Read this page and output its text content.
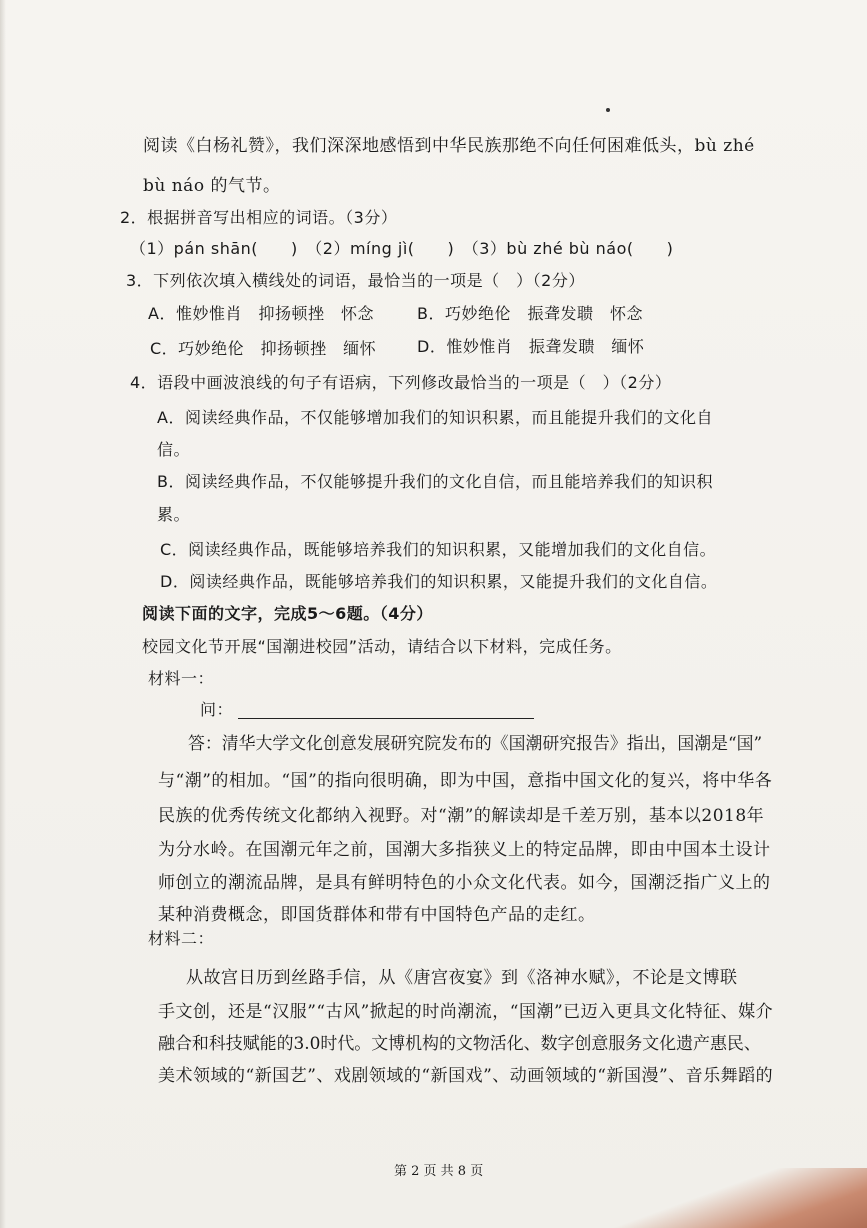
阅读《白杨礼赞》，我们深深地感悟到中华民族那绝不向任何困难低头，bù zhé
bù náo 的气节。
2．根据拼音写出相应的词语。（3分）
（1）pán shān(　　)　（2）míng jì(　　)　（3）bù zhé bù náo(　　)
3．下列依次填入横线处的词语，最恰当的一项是（　）（2分）
A．惟妙惟肖　抑扬顿挫　怀念	B．巧妙绝伦　振聋发聩　怀念
C．巧妙绝伦　抑扬顿挫　缅怀	D．惟妙惟肖　振聋发聩　缅怀
4．语段中画波浪线的句子有语病，下列修改最恰当的一项是（　）（2分）
A．阅读经典作品，不仅能够增加我们的知识积累，而且能提升我们的文化自
信。
B．阅读经典作品，不仅能够提升我们的文化自信，而且能培养我们的知识积
累。
C．阅读经典作品，既能够培养我们的知识积累，又能增加我们的文化自信。
D．阅读经典作品，既能够培养我们的知识积累，又能提升我们的文化自信。
阅读下面的文字，完成5～6题。（4分）
校园文化节开展“国潮进校园”活动，请结合以下材料，完成任务。
材料一：
问：
答：清华大学文化创意发展研究院发布的《国潮研究报告》指出，国潮是“国”
与“潮”的相加。“国”的指向很明确，即为中国，意指中国文化的复兴，将中华各
民族的优秀传统文化都纳入视野。对“潮”的解读却是千差万别，基本以2018年
为分水岭。在国潮元年之前，国潮大多指狭义上的特定品牌，即由中国本土设计
师创立的潮流品牌，是具有鲜明特色的小众文化代表。如今，国潮泛指广义上的
某种消费概念，即国货群体和带有中国特色产品的走红。
材料二：
从故宫日历到丝路手信，从《唐宫夜宴》到《洛神水赋》，不论是文博联
手文创，还是“汉服”“古风”掀起的时尚潮流，“国潮”已迈入更具文化特征、媒介
融合和科技赋能的3.0时代。文博机构的文物活化、数字创意服务文化遗产惠民、
美术领域的“新国艺”、戏剧领域的“新国戏”、动画领域的“新国漫”、音乐舞蹈的
第 2 页 共 8 页
